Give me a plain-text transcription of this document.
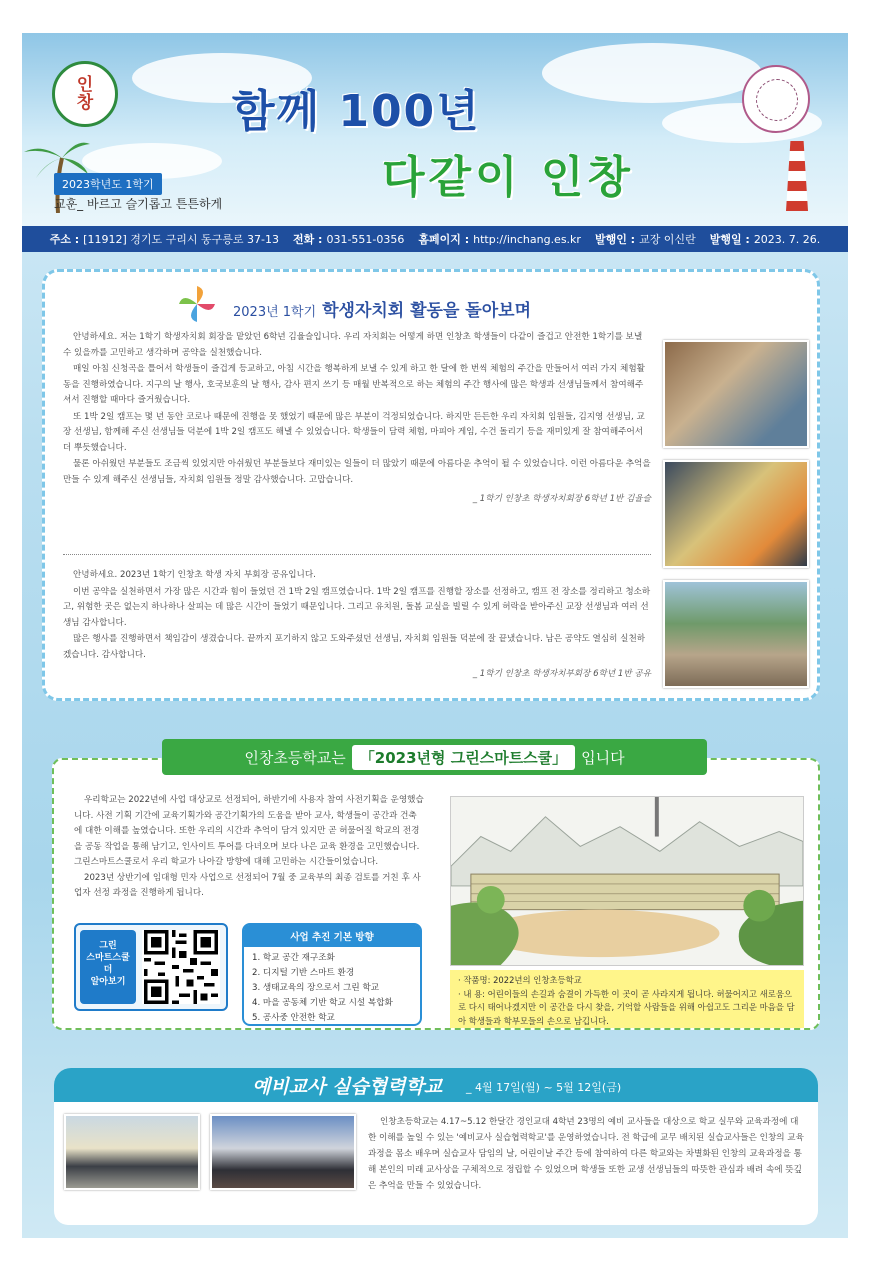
인
창	함께 100년
다같이 인창
2023학년도 1학기
교훈_ 바르고 슬기롭고 튼튼하게
주소 : [11912] 경기도 구리시 동구릉로 37-13 전화 : 031-551-0356 홈페이지 : http://inchang.es.kr 발행인 : 교장 이신란 발행일 : 2023. 7. 26.
2023년 1학기 학생자치회 활동을 돌아보며

안녕하세요. 저는 1학기 학생자치회 회장을 맡았던 6학년 김율슬입니다. 우리 자치회는 어떻게 하면 인창초 학생들이 다같이 즐겁고 안전한 1학기를 보낼 수 있을까를 고민하고 생각하며 공약을 실천했습니다.

매일 아침 신청곡을 틀어서 학생들이 즐겁게 등교하고, 아침 시간을 행복하게 보낼 수 있게 하고 한 달에 한 번씩 체험의 주간을 만들어서 여러 가지 체험활동을 진행하였습니다. 지구의 날 행사, 호국보훈의 날 행사, 감사 편지 쓰기 등 매월 반복적으로 하는 체험의 주간 행사에 많은 학생과 선생님들께서 참여해주셔서 진행할 때마다 즐거웠습니다.

또 1박 2일 캠프는 몇 년 동안 코로나 때문에 진행을 못 했었기 때문에 많은 부분이 걱정되었습니다. 하지만 든든한 우리 자치회 임원들, 김지영 선생님, 교장 선생님, 함께해 주신 선생님들 덕분에 1박 2일 캠프도 해낼 수 있었습니다. 학생들이 담력 체험, 마피아 게임, 수건 돌리기 등을 재미있게 잘 참여해주어서 더 뿌듯했습니다.

물론 아쉬웠던 부분들도 조금씩 있었지만 아쉬웠던 부분들보다 재미있는 일들이 더 많았기 때문에 아름다운 추억이 될 수 있었습니다. 이런 아름다운 추억을 만들 수 있게 해주신 선생님들, 자치회 임원들 정말 감사했습니다. 고맙습니다.

_ 1학기 인창초 학생자치회장 6학년 1반 김율슬

안녕하세요. 2023년 1학기 인창초 학생 자치 부회장 공유입니다.

이번 공약을 실천하면서 가장 많은 시간과 힘이 들었던 건 1박 2일 캠프였습니다. 1박 2일 캠프를 진행할 장소를 선정하고, 캠프 전 장소를 정리하고 청소하고, 위험한 곳은 없는지 하나하나 살피는 데 많은 시간이 들었기 때문입니다. 그리고 유치원, 돌봄 교실을 빌릴 수 있게 허락을 받아주신 교장 선생님과 여러 선생님 감사합니다.

많은 행사를 진행하면서 책임감이 생겼습니다. 끝까지 포기하지 않고 도와주셨던 선생님, 자치회 임원들 덕분에 잘 끝냈습니다. 남은 공약도 열심히 실천하겠습니다. 감사합니다.

_ 1학기 인창초 학생자치부회장 6학년 1반 공유
인창초등학교는 「2023년형 그린스마트스쿨」 입니다

우리학교는 2022년에 사업 대상교로 선정되어, 하반기에 사용자 참여 사전기획을 운영했습니다. 사전 기획 기간에 교육기획가와 공간기획가의 도움을 받아 교사, 학생들이 공간과 건축에 대한 이해를 높였습니다. 또한 우리의 시간과 추억이 담겨 있지만 곧 허물어질 학교의 전경을 공동 작업을 통해 남기고, 인사이트 투어를 다녀오며 보다 나은 교육 환경을 고민했습니다. 그린스마트스쿨로서 우리 학교가 나아갈 방향에 대해 고민하는 시간들이었습니다.

2023년 상반기에 임대형 민자 사업으로 선정되어 7월 중 교육부의 최종 검토를 거친 후 사업자 선정 과정을 진행하게 됩니다.

그린
스마트스쿨
더
알아보기
사업 추진 기본 방향
1. 학교 공간 재구조화
2. 디지털 기반 스마트 환경
3. 생태교육의 장으로서 그린 학교
4. 마을 공동체 기반 학교 시설 복합화
5. 공사중 안전한 학교
· 작품명: 2022년의 인창초등학교
· 내 용: 어린이들의 손길과 숨결이 가득한 이 곳이 곧 사라지게 됩니다. 허물어지고 새로움으로 다시 태어나겠지만 이 공간을 다시 찾을, 기억할 사람들을 위해 아쉽고도 그리운 마음을 담아 학생들과 학부모들의 손으로 남깁니다.
예비교사 실습협력학교 _ 4월 17일(월) ~ 5월 12일(금)
인창초등학교는 4.17~5.12 한달간 경인교대 4학년 23명의 예비 교사들을 대상으로 학교 실무와 교육과정에 대한 이해를 높일 수 있는 '예비교사 실습협력학교'를 운영하였습니다. 전 학급에 교무 배치된 실습교사들은 인창의 교육과정을 몸소 배우며 실습교사 담임의 날, 어린이날 주간 등에 참여하여 다른 학교와는 차별화된 인창의 교육과정을 통해 본인의 미래 교사상을 구체적으로 정립할 수 있었으며 학생들 또한 교생 선생님들의 따뜻한 관심과 배려 속에 뜻깊은 추억을 만들 수 있었습니다.
